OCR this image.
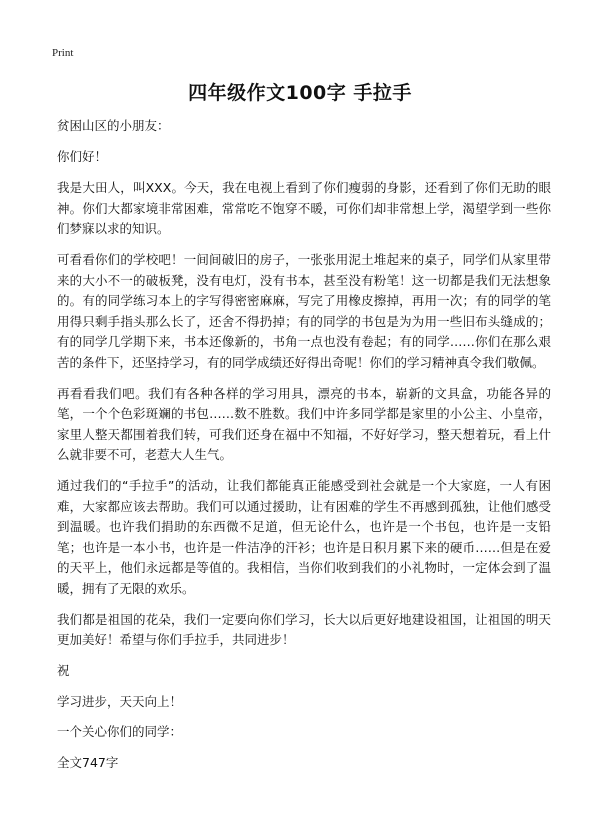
Print
四年级作文100字 手拉手

贫困山区的小朋友：

你们好！

我是大田人，叫XXX。今天，我在电视上看到了你们瘦弱的身影，还看到了你们无助的眼神。你们大都家境非常困难，常常吃不饱穿不暖，可你们却非常想上学，渴望学到一些你们梦寐以求的知识。

可看看你们的学校吧！一间间破旧的房子，一张张用泥土堆起来的桌子，同学们从家里带来的大小不一的破板凳，没有电灯，没有书本，甚至没有粉笔！这一切都是我们无法想象的。有的同学练习本上的字写得密密麻麻，写完了用橡皮擦掉，再用一次；有的同学的笔用得只剩手指头那么长了，还舍不得扔掉；有的同学的书包是为为用一些旧布头缝成的；有的同学几学期下来，书本还像新的，书角一点也没有卷起；有的同学……你们在那么艰苦的条件下，还坚持学习，有的同学成绩还好得出奇呢！你们的学习精神真令我们敬佩。

再看看我们吧。我们有各种各样的学习用具，漂亮的书本，崭新的文具盒，功能各异的笔，一个个色彩斑斓的书包……数不胜数。我们中许多同学都是家里的小公主、小皇帝，家里人整天都围着我们转，可我们还身在福中不知福，不好好学习，整天想着玩，看上什么就非要不可，老惹大人生气。

通过我们的“手拉手”的活动，让我们都能真正能感受到社会就是一个大家庭，一人有困难，大家都应该去帮助。我们可以通过援助，让有困难的学生不再感到孤独，让他们感受到温暖。也许我们捐助的东西微不足道，但无论什么，也许是一个书包，也许是一支铅笔；也许是一本小书，也许是一件洁净的汗衫；也许是日积月累下来的硬币……但是在爱的天平上，他们永远都是等值的。我相信，当你们收到我们的小礼物时，一定体会到了温暖，拥有了无限的欢乐。

我们都是祖国的花朵，我们一定要向你们学习，长大以后更好地建设祖国，让祖国的明天更加美好！希望与你们手拉手，共同进步！

祝

学习进步，天天向上！

一个关心你们的同学：

全文747字
